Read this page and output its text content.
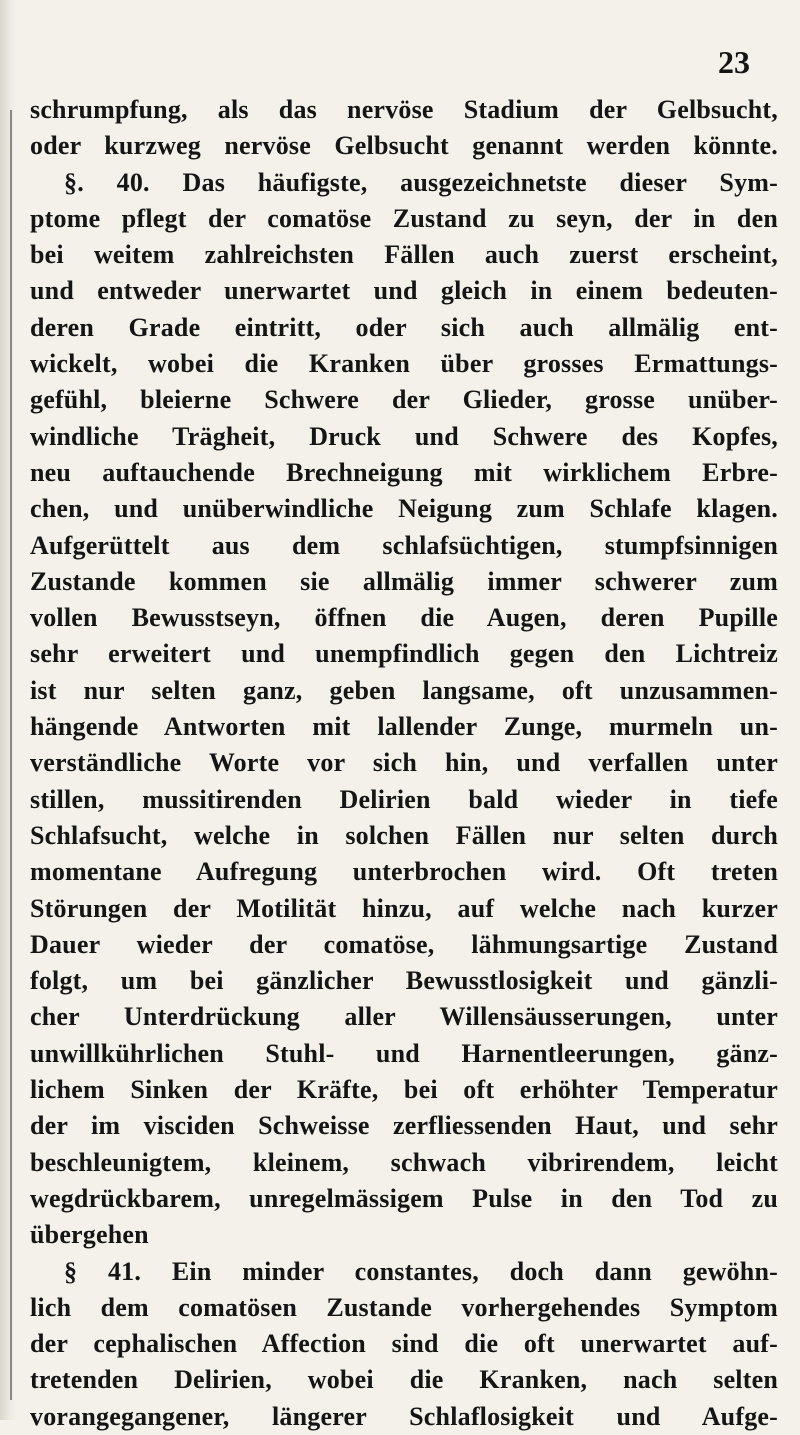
23
schrumpfung, als das nervöse Stadium der Gelbsucht,
oder kurzweg nervöse Gelbsucht genannt werden könnte.
§. 40. Das häufigste, ausgezeichnetste dieser Sym-
ptome pflegt der comatöse Zustand zu seyn, der in den
bei weitem zahlreichsten Fällen auch zuerst erscheint,
und entweder unerwartet und gleich in einem bedeuten-
deren Grade eintritt, oder sich auch allmälig ent-
wickelt, wobei die Kranken über grosses Ermattungs-
gefühl, bleierne Schwere der Glieder, grosse unüber-
windliche Trägheit, Druck und Schwere des Kopfes,
neu auftauchende Brechneigung mit wirklichem Erbre-
chen, und unüberwindliche Neigung zum Schlafe klagen.
Aufgerüttelt aus dem schlafsüchtigen, stumpfsinnigen
Zustande kommen sie allmälig immer schwerer zum
vollen Bewusstseyn, öffnen die Augen, deren Pupille
sehr erweitert und unempfindlich gegen den Lichtreiz
ist nur selten ganz, geben langsame, oft unzusammen-
hängende Antworten mit lallender Zunge, murmeln un-
verständliche Worte vor sich hin, und verfallen unter
stillen, mussitirenden Delirien bald wieder in tiefe
Schlafsucht, welche in solchen Fällen nur selten durch
momentane Aufregung unterbrochen wird. Oft treten
Störungen der Motilität hinzu, auf welche nach kurzer
Dauer wieder der comatöse, lähmungsartige Zustand
folgt, um bei gänzlicher Bewusstlosigkeit und gänzli-
cher Unterdrückung aller Willensäusserungen, unter
unwillkührlichen Stuhl- und Harnentleerungen, gänz-
lichem Sinken der Kräfte, bei oft erhöhter Temperatur
der im visciden Schweisse zerfliessenden Haut, und sehr
beschleunigtem, kleinem, schwach vibrirendem, leicht
wegdrückbarem, unregelmässigem Pulse in den Tod zu
übergehen
§ 41. Ein minder constantes, doch dann gewöhn-
lich dem comatösen Zustande vorhergehendes Symptom
der cephalischen Affection sind die oft unerwartet auf-
tretenden Delirien, wobei die Kranken, nach selten
vorangegangener, längerer Schlaflosigkeit und Aufge-
